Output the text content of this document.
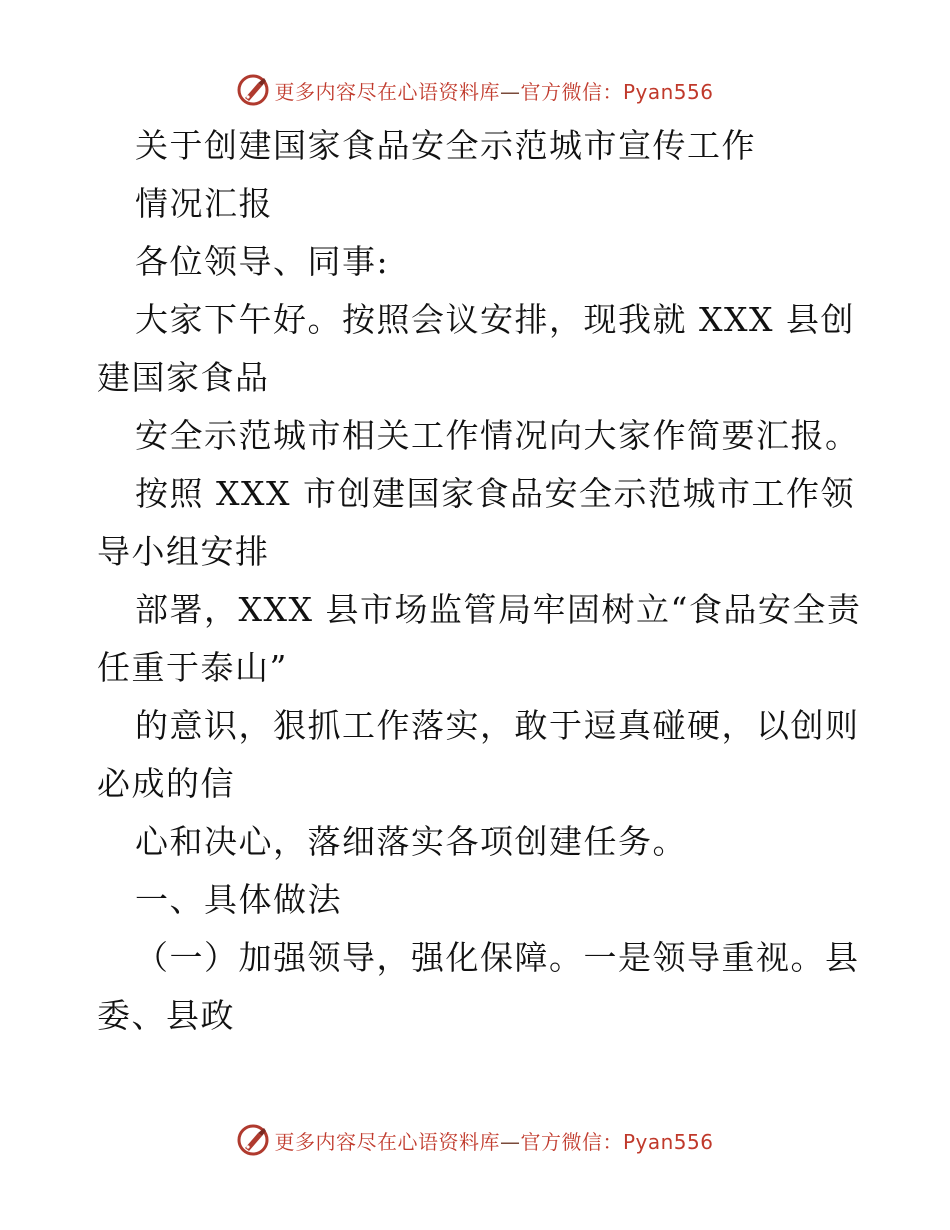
更多内容尽在心语资料库—官方微信：Pyan556
关于创建国家食品安全示范城市宣传工作
情况汇报
各位领导、同事:
大家下午好。按照会议安排，现我就 XXX 县创
建国家食品
安全示范城市相关工作情况向大家作简要汇报。
按照 XXX 市创建国家食品安全示范城市工作领
导小组安排
部署，XXX 县市场监管局牢固树立“食品安全责
任重于泰山”
的意识，狠抓工作落实，敢于逗真碰硬，以创则
必成的信
心和决心，落细落实各项创建任务。
一、具体做法
（一）加强领导，强化保障。一是领导重视。县
委、县政
更多内容尽在心语资料库—官方微信：Pyan556
